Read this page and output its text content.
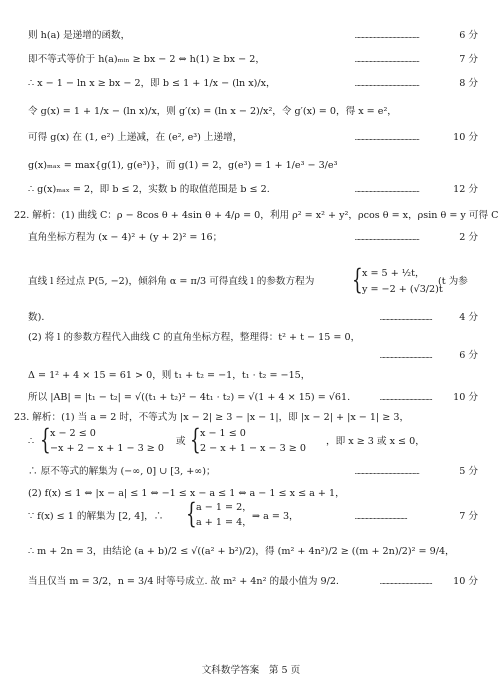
则 h(a) 是递增的函数，	…………………………………………	6 分
即不等式等价于 h(a)ₘᵢₙ ≥ bx − 2 ⇔ h(1) ≥ bx − 2，	…………………………………………	7 分
∴ x − 1 − ln x ≥ bx − 2，即 b ≤ 1 + 1/x − (ln x)/x，	…………………………………………	8 分
令 g(x) = 1 + 1/x − (ln x)/x，则 g′(x) = (ln x − 2)/x²，令 g′(x) = 0，得 x = e²，
可得 g(x) 在 (1, e²) 上递减，在 (e², e³) 上递增，	…………………………………………	10 分
g(x)ₘₐₓ = max{g(1), g(e³)}，而 g(1) = 2，g(e³) = 1 + 1/e³ − 3/e³
∴ g(x)ₘₐₓ = 2，即 b ≤ 2，实数 b 的取值范围是 b ≤ 2.	…………………………………………	12 分
22. 解析：(1) 曲线 C：ρ − 8cos θ + 4sin θ + 4/ρ = 0，利用 ρ² = x² + y²，ρcos θ = x，ρsin θ = y 可得 C
直角坐标方程为 (x − 4)² + (y + 2)² = 16；	…………………………………………	2 分
直线 l 经过点 P(5, −2)，倾斜角 α = π/3 可得直线 l 的参数方程为 { x = 5 + ½t，
y = −2 + (√3/2)t
(t 为参
数)．	…………………………………	4 分
(2) 将 l 的参数方程代入曲线 C 的直角坐标方程，整理得：t² + t − 15 = 0，
…………………………………	6 分
Δ = 1² + 4 × 15 = 61 > 0，则 t₁ + t₂ = −1，t₁ · t₂ = −15，
所以 |AB| = |t₁ − t₂| = √((t₁ + t₂)² − 4t₁ · t₂) = √(1 + 4 × 15) = √61.	………………………………… 10 分
23. 解析：(1) 当 a = 2 时，不等式为 |x − 2| ≥ 3 − |x − 1|，即 |x − 2| + |x − 1| ≥ 3，
∴ { x − 2 ≤ 0
−x + 2 − x + 1 − 3 ≥ 0
或 { x − 1 ≤ 0
2 − x + 1 − x − 3 ≥ 0
，即 x ≥ 3 或 x ≤ 0，
∴ 原不等式的解集为 (−∞, 0] ∪ [3, +∞)；	…………………………………………	5 分
(2) f(x) ≤ 1 ⇔ |x − a| ≤ 1 ⇔ −1 ≤ x − a ≤ 1 ⇔ a − 1 ≤ x ≤ a + 1，
∵ f(x) ≤ 1 的解集为 [2, 4]，∴ { a − 1 = 2，
a + 1 = 4，
⇒ a = 3，	…………………………………	7 分
∴ m + 2n = 3，由结论 (a + b)/2 ≤ √((a² + b²)/2)，得 (m² + 4n²)/2 ≥ ((m + 2n)/2)² = 9/4，
当且仅当 m = 3/2，n = 3/4 时等号成立. 故 m² + 4n² 的最小值为 9/2.	………………………………… 10 分
文科数学答案　第 5 页
